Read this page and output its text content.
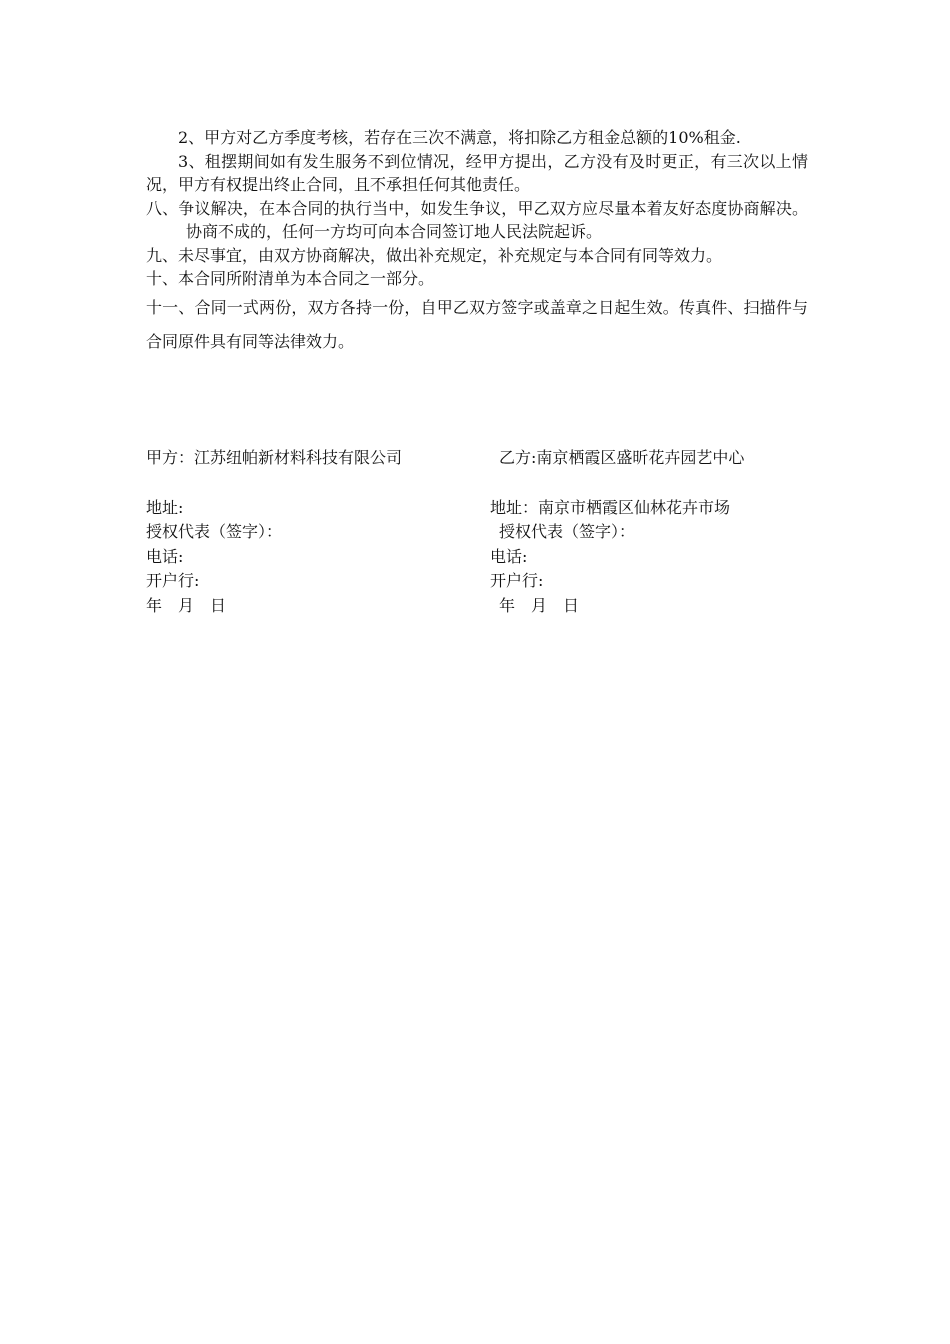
2、甲方对乙方季度考核，若存在三次不满意，将扣除乙方租金总额的10%租金.

3、租摆期间如有发生服务不到位情况，经甲方提出，乙方没有及时更正，有三次以上情况，甲方有权提出终止合同，且不承担任何其他责任。

八、争议解决，在本合同的执行当中，如发生争议，甲乙双方应尽量本着友好态度协商解决。协商不成的，任何一方均可向本合同签订地人民法院起诉。

九、未尽事宜，由双方协商解决，做出补充规定，补充规定与本合同有同等效力。

十、本合同所附清单为本合同之一部分。

十一、合同一式两份，双方各持一份，自甲乙双方签字或盖章之日起生效。传真件、扫描件与合同原件具有同等法律效力。

甲方：江苏纽帕新材料科技有限公司
地址:
授权代表（签字）：
电话:
开户行:
年　月　日
乙方:南京栖霞区盛昕花卉园艺中心
地址：南京市栖霞区仙林花卉市场
授权代表（签字）：
电话:
开户行:
年　月　日
